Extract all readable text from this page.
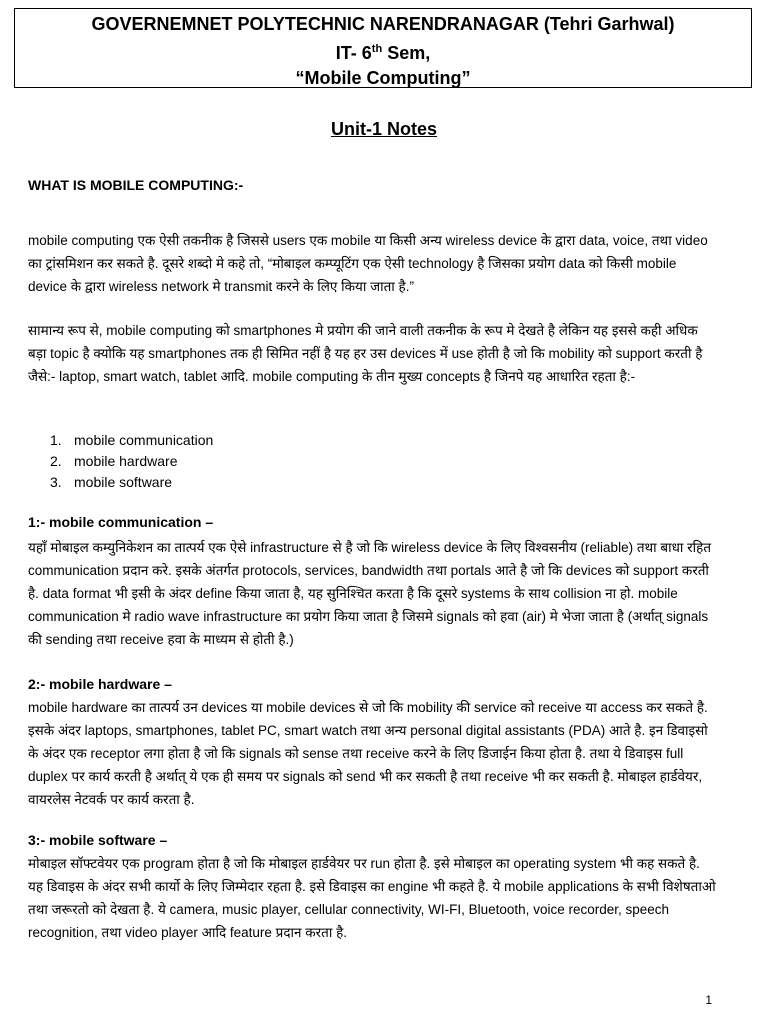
GOVERNEMNET POLYTECHNIC NARENDRANAGAR (Tehri Garhwal)
IT- 6th Sem,
“Mobile Computing”
Unit-1 Notes
WHAT IS MOBILE COMPUTING:-

mobile computing एक ऐसी तकनीक है जिससे users एक mobile या किसी अन्य wireless device के द्वारा data, voice, तथा video का ट्रांसमिशन कर सकते है. दूसरे शब्दो मे कहे तो, “मोबाइल कम्प्यूटिंग एक ऐसी technology है जिसका प्रयोग data को किसी mobile device के द्वारा wireless network मे transmit करने के लिए किया जाता है.”

सामान्य रूप से, mobile computing को smartphones मे प्रयोग की जाने वाली तकनीक के रूप मे देखते है लेकिन यह इससे कही अधिक बड़ा topic है क्योकि यह smartphones तक ही सिमित नहीं है यह हर उस devices में use होती है जो कि mobility को support करती है जैसे:- laptop, smart watch, tablet आदि. mobile computing के तीन मुख्य concepts है जिनपे यह आधारित रहता है:-

1. mobile communication
2. mobile hardware
3. mobile software
1:- mobile communication –

यहाँ मोबाइल कम्युनिकेशन का तात्पर्य एक ऐसे infrastructure से है जो कि wireless device के लिए विश्वसनीय (reliable) तथा बाधा रहित communication प्रदान करे. इसके अंतर्गत protocols, services, bandwidth तथा portals आते है जो कि devices को support करती है. data format भी इसी के अंदर define किया जाता है, यह सुनिश्चित करता है कि दूसरे systems के साथ collision ना हो. mobile communication मे radio wave infrastructure का प्रयोग किया जाता है जिसमे signals को हवा (air) मे भेजा जाता है (अर्थात् signals की sending तथा receive हवा के माध्यम से होती है.)

2:- mobile hardware –

mobile hardware का तात्पर्य उन devices या mobile devices से जो कि mobility की service को receive या access कर सकते है. इसके अंदर laptops, smartphones, tablet PC, smart watch तथा अन्य personal digital assistants (PDA) आते है. इन डिवाइसो के अंदर एक receptor लगा होता है जो कि signals को sense तथा receive करने के लिए डिजाईन किया होता है. तथा ये डिवाइस full duplex पर कार्य करती है अर्थात् ये एक ही समय पर signals को send भी कर सकती है तथा receive भी कर सकती है. मोबाइल हार्डवेयर, वायरलेस नेटवर्क पर कार्य करता है.

3:- mobile software –

मोबाइल सॉफ्टवेयर एक program होता है जो कि मोबाइल हार्डवेयर पर run होता है. इसे मोबाइल का operating system भी कह सकते है. यह डिवाइस के अंदर सभी कार्यो के लिए जिम्मेदार रहता है. इसे डिवाइस का engine भी कहते है. ये mobile applications के सभी विशेषताओ तथा जरूरतो को देखता है. ये camera, music player, cellular connectivity, WI-FI, Bluetooth, voice recorder, speech recognition, तथा video player आदि feature प्रदान करता है.

1
